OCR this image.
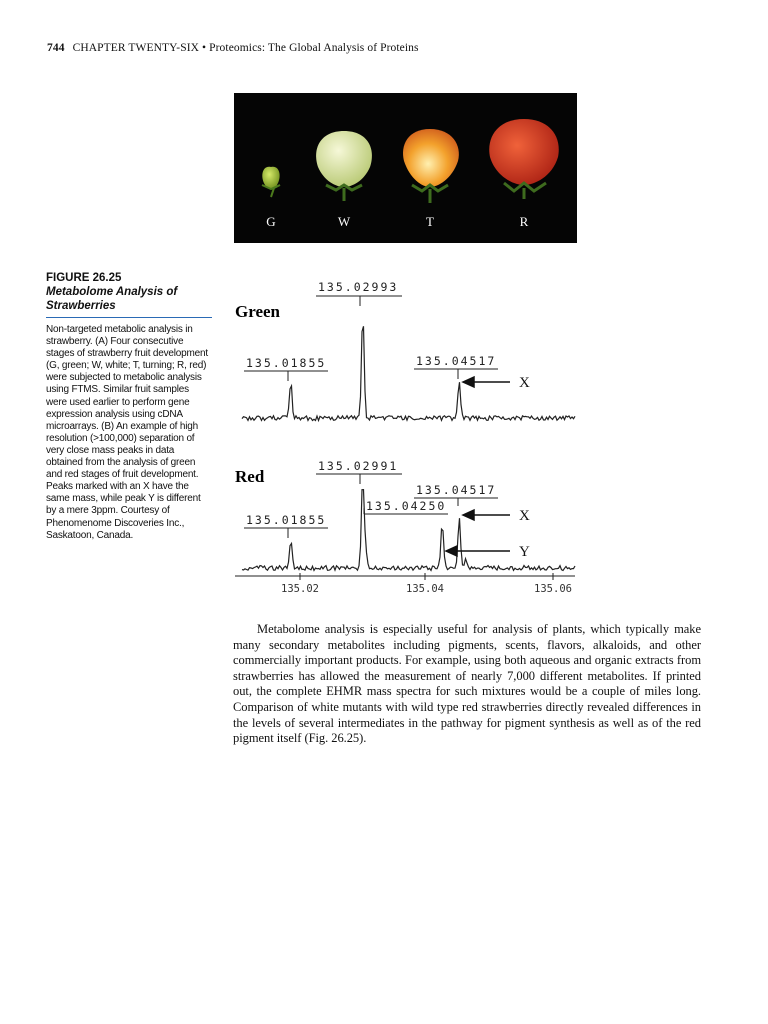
744 CHAPTER TWENTY-SIX • Proteomics: The Global Analysis of Proteins
G	W	T	R
FIGURE 26.25
Metabolome Analysis of Strawberries
Non-targeted metabolic analysis in strawberry. (A) Four consecutive stages of strawberry fruit development (G, green; W, white; T, turning; R, red) were subjected to metabolic analysis using FTMS. Similar fruit samples were used earlier to perform gene expression analysis using cDNA microarrays. (B) An example of high resolution (>100,000) separation of very close mass peaks in data obtained from the analysis of green and red stages of fruit development. Peaks marked with an X have the same mass, while peak Y is different by a mere 3ppm. Courtesy of Phenomenome Discoveries Inc., Saskatoon, Canada.
Green
Red
135.02993
135.01855	135.04517
135.02991
135.04517
135.04250
135.01855
X
X
Y
135.02	135.04	135.06
Metabolome analysis is especially useful for analysis of plants, which typically make many secondary metabolites including pigments, scents, flavors, alkaloids, and other commercially important products. For example, using both aqueous and organic extracts from strawberries has allowed the measurement of nearly 7,000 different metabolites. If printed out, the complete EHMR mass spectra for such mixtures would be a couple of miles long. Comparison of white mutants with wild type red strawberries directly revealed differences in the levels of several intermediates in the pathway for pigment synthesis as well as of the red pigment itself (Fig. 26.25).
